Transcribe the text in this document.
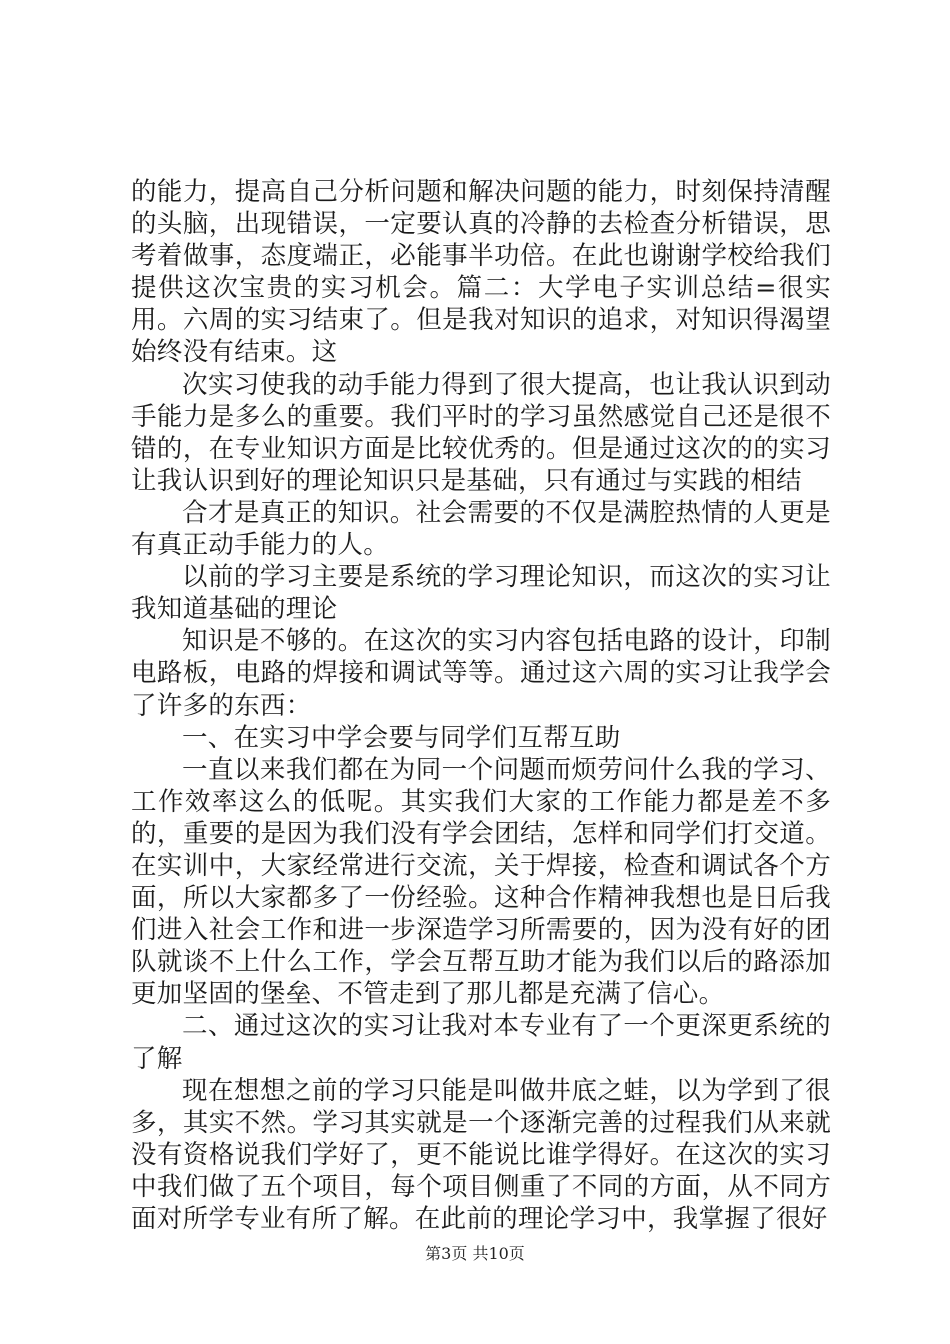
的能力，提高自己分析问题和解决问题的能力，时刻保持清醒的头脑，出现错误，一定要认真的冷静的去检查分析错误，思考着做事，态度端正，必能事半功倍。在此也谢谢学校给我们提供这次宝贵的实习机会。篇二：大学电子实训总结=很实用。六周的实习结束了。但是我对知识的追求，对知识得渴望始终没有结束。这

次实习使我的动手能力得到了很大提高，也让我认识到动手能力是多么的重要。我们平时的学习虽然感觉自己还是很不错的，在专业知识方面是比较优秀的。但是通过这次的的实习让我认识到好的理论知识只是基础，只有通过与实践的相结

合才是真正的知识。社会需要的不仅是满腔热情的人更是有真正动手能力的人。

以前的学习主要是系统的学习理论知识，而这次的实习让我知道基础的理论

知识是不够的。在这次的实习内容包括电路的设计，印制电路板，电路的焊接和调试等等。通过这六周的实习让我学会了许多的东西：

一、在实习中学会要与同学们互帮互助

一直以来我们都在为同一个问题而烦劳问什么我的学习、工作效率这么的低呢。其实我们大家的工作能力都是差不多的，重要的是因为我们没有学会团结，怎样和同学们打交道。在实训中，大家经常进行交流，关于焊接，检查和调试各个方面，所以大家都多了一份经验。这种合作精神我想也是日后我们进入社会工作和进一步深造学习所需要的，因为没有好的团队就谈不上什么工作，学会互帮互助才能为我们以后的路添加更加坚固的堡垒、不管走到了那儿都是充满了信心。

二、通过这次的实习让我对本专业有了一个更深更系统的了解

现在想想之前的学习只能是叫做井底之蛙，以为学到了很多，其实不然。学习其实就是一个逐渐完善的过程我们从来就没有资格说我们学好了，更不能说比谁学得好。在这次的实习中我们做了五个项目，每个项目侧重了不同的方面，从不同方面对所学专业有所了解。在此前的理论学习中，我掌握了很好

第3页 共10页
